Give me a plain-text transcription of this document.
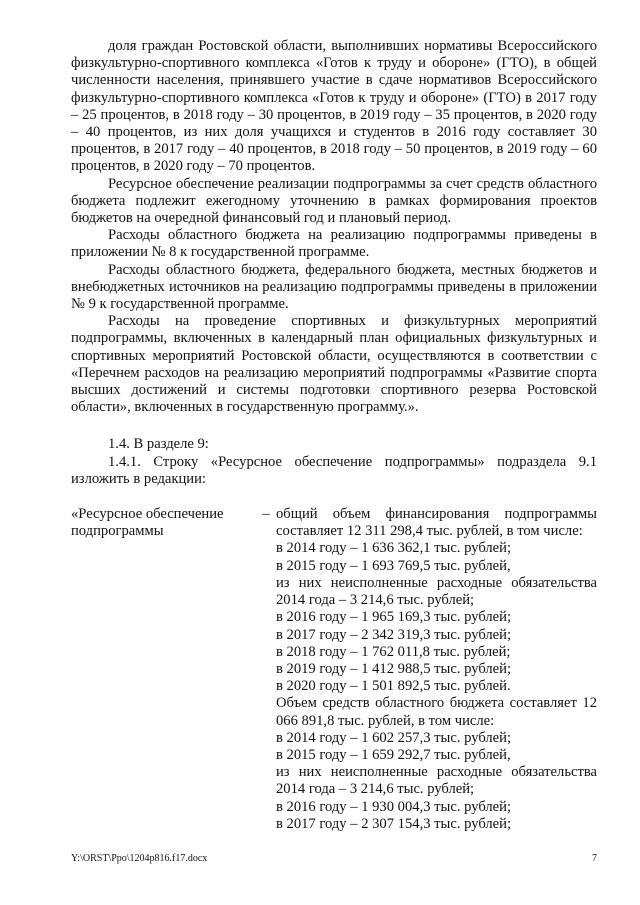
доля граждан Ростовской области, выполнивших нормативы Всероссийского физкультурно-спортивного комплекса «Готов к труду и обороне» (ГТО), в общей численности населения, принявшего участие в сдаче нормативов Всероссийского физкультурно-спортивного комплекса «Готов к труду и обороне» (ГТО) в 2017 году – 25 процентов, в 2018 году – 30 процентов, в 2019 году – 35 процентов, в 2020 году – 40 процентов, из них доля учащихся и студентов в 2016 году составляет 30 процентов, в 2017 году – 40 процентов, в 2018 году – 50 процентов, в 2019 году – 60 процентов, в 2020 году – 70 процентов.

Ресурсное обеспечение реализации подпрограммы за счет средств областного бюджета подлежит ежегодному уточнению в рамках формирования проектов бюджетов на очередной финансовый год и плановый период.

Расходы областного бюджета на реализацию подпрограммы приведены в приложении № 8 к государственной программе.

Расходы областного бюджета, федерального бюджета, местных бюджетов и внебюджетных источников на реализацию подпрограммы приведены в приложении № 9 к государственной программе.

Расходы на проведение спортивных и физкультурных мероприятий подпрограммы, включенных в календарный план официальных физкультурных и спортивных мероприятий Ростовской области, осуществляются в соответствии с «Перечнем расходов на реализацию мероприятий подпрограммы «Развитие спорта высших достижений и системы подготовки спортивного резерва Ростовской области», включенных в государственную программу.».

1.4. В разделе 9:

1.4.1. Строку «Ресурсное обеспечение подпрограммы» подраздела 9.1 изложить в редакции:

«Ресурсное обеспечение подпрограммы
– общий объем финансирования подпрограммы составляет 12 311 298,4 тыс. рублей, в том числе:

в 2014 году – 1 636 362,1 тыс. рублей;

в 2015 году – 1 693 769,5 тыс. рублей,

из них неисполненные расходные обязательства 2014 года – 3 214,6 тыс. рублей;

в 2016 году – 1 965 169,3 тыс. рублей;

в 2017 году – 2 342 319,3 тыс. рублей;

в 2018 году – 1 762 011,8 тыс. рублей;

в 2019 году – 1 412 988,5 тыс. рублей;

в 2020 году – 1 501 892,5 тыс. рублей.

Объем средств областного бюджета составляет 12 066 891,8 тыс. рублей, в том числе:

в 2014 году – 1 602 257,3 тыс. рублей;

в 2015 году – 1 659 292,7 тыс. рублей,

из них неисполненные расходные обязательства 2014 года – 3 214,6 тыс. рублей;

в 2016 году – 1 930 004,3 тыс. рублей;

в 2017 году – 2 307 154,3 тыс. рублей;

Y:\ORST\Ppo\1204p816.f17.docx	7
